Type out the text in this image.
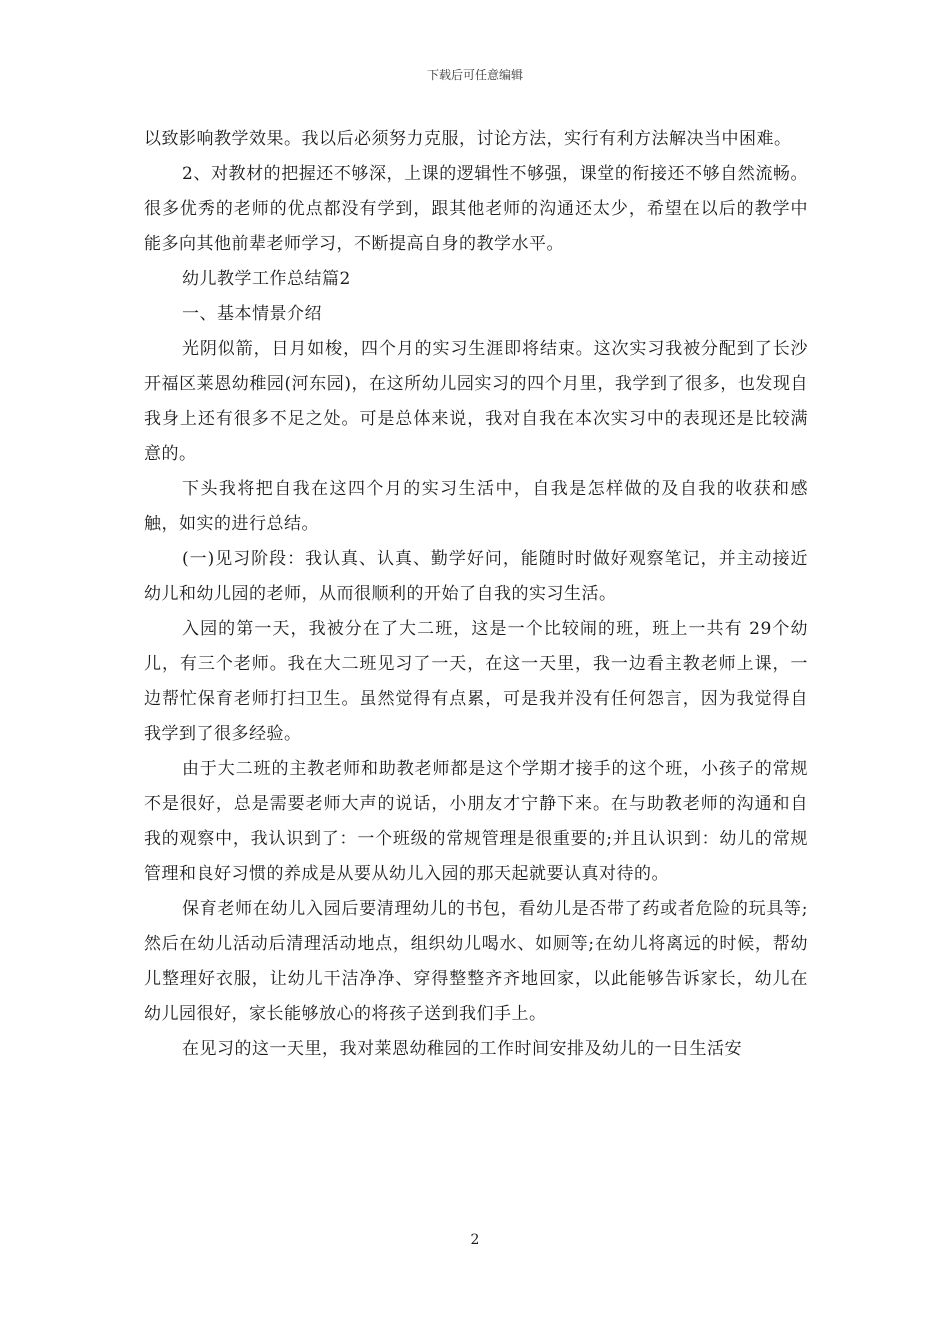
下载后可任意编辑

以致影响教学效果。我以后必须努力克服，讨论方法，实行有利方法解决当中困难。

2、对教材的把握还不够深，上课的逻辑性不够强，课堂的衔接还不够自然流畅。很多优秀的老师的优点都没有学到，跟其他老师的沟通还太少，希望在以后的教学中能多向其他前辈老师学习，不断提高自身的教学水平。

幼儿教学工作总结篇2

一、基本情景介绍

光阴似箭，日月如梭，四个月的实习生涯即将结束。这次实习我被分配到了长沙开福区莱恩幼稚园(河东园)，在这所幼儿园实习的四个月里，我学到了很多，也发现自我身上还有很多不足之处。可是总体来说，我对自我在本次实习中的表现还是比较满意的。

下头我将把自我在这四个月的实习生活中，自我是怎样做的及自我的收获和感触，如实的进行总结。

(一)见习阶段：我认真、认真、勤学好问，能随时时做好观察笔记，并主动接近幼儿和幼儿园的老师，从而很顺利的开始了自我的实习生活。

入园的第一天，我被分在了大二班，这是一个比较闹的班，班上一共有 29个幼儿，有三个老师。我在大二班见习了一天，在这一天里，我一边看主教老师上课，一边帮忙保育老师打扫卫生。虽然觉得有点累，可是我并没有任何怨言，因为我觉得自我学到了很多经验。

由于大二班的主教老师和助教老师都是这个学期才接手的这个班，小孩子的常规不是很好，总是需要老师大声的说话，小朋友才宁静下来。在与助教老师的沟通和自我的观察中，我认识到了：一个班级的常规管理是很重要的;并且认识到：幼儿的常规管理和良好习惯的养成是从要从幼儿入园的那天起就要认真对待的。

保育老师在幼儿入园后要清理幼儿的书包，看幼儿是否带了药或者危险的玩具等;然后在幼儿活动后清理活动地点，组织幼儿喝水、如厕等;在幼儿将离远的时候，帮幼儿整理好衣服，让幼儿干洁净净、穿得整整齐齐地回家，以此能够告诉家长，幼儿在幼儿园很好，家长能够放心的将孩子送到我们手上。

在见习的这一天里，我对莱恩幼稚园的工作时间安排及幼儿的一日生活安

2
